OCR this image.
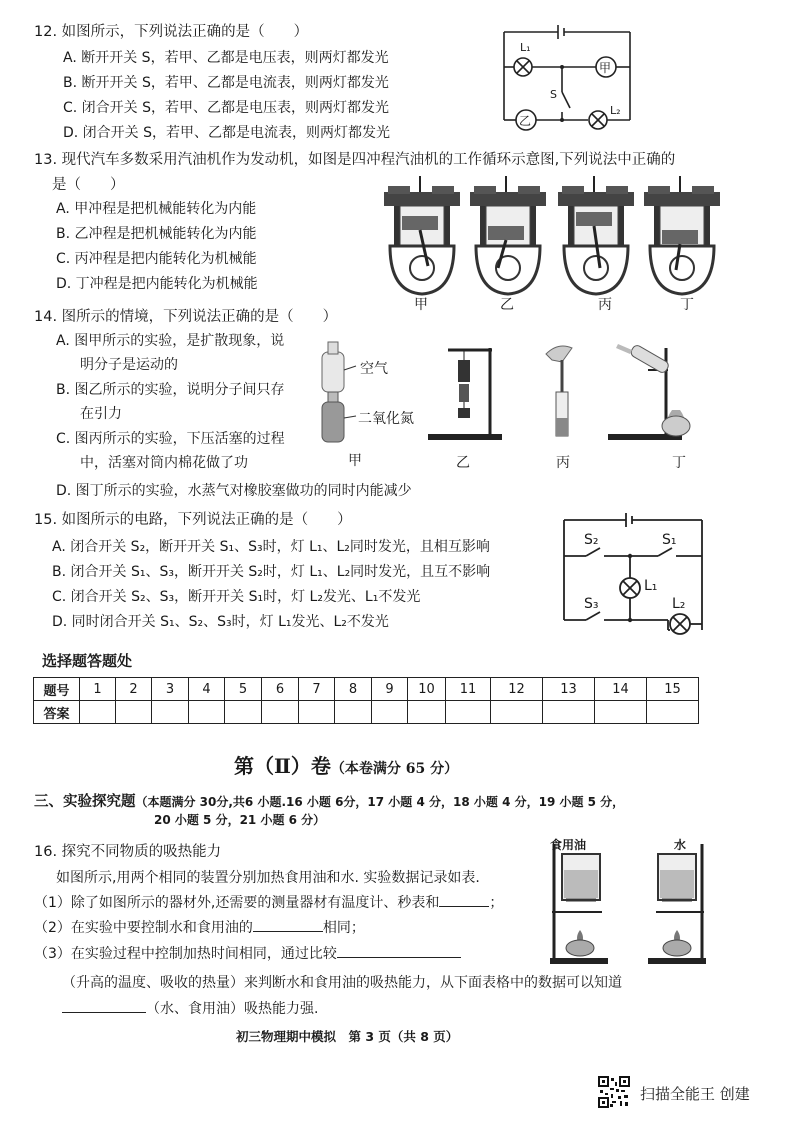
12. 如图所示，下列说法正确的是（　　）
A. 断开开关 S，若甲、乙都是电压表，则两灯都发光
B. 断开开关 S，若甲、乙都是电流表，则两灯都发光
C. 闭合开关 S，若甲、乙都是电压表，则两灯都发光
D. 闭合开关 S，若甲、乙都是电流表，则两灯都发光
L₁
甲
S
乙
L₂
13. 现代汽车多数采用汽油机作为发动机，如图是四冲程汽油机的工作循环示意图,下列说法中正确的
是（　　）
A. 甲冲程是把机械能转化为内能
B. 乙冲程是把机械能转化为内能
C. 丙冲程是把内能转化为机械能
D. 丁冲程是把内能转化为机械能
甲	乙	丙	丁
14. 图所示的情境，下列说法正确的是（　　）
A. 图甲所示的实验，是扩散现象，说
明分子是运动的
B. 图乙所示的实验，说明分子间只存
在引力
C. 图丙所示的实验，下压活塞的过程
中，活塞对筒内棉花做了功
D. 图丁所示的实验，水蒸气对橡胶塞做功的同时内能减少
空气
二氧化氮
甲	乙	丙	丁
15. 如图所示的电路，下列说法正确的是（　　）
A. 闭合开关 S₂，断开开关 S₁、S₃时，灯 L₁、L₂同时发光，且相互影响
B. 闭合开关 S₁、S₃，断开开关 S₂时，灯 L₁、L₂同时发光，且互不影响
C. 闭合开关 S₂、S₃，断开开关 S₁时，灯 L₂发光、L₁不发光
D. 同时闭合开关 S₁、S₂、S₃时，灯 L₁发光、L₂不发光
S₂	S₁
L₁
S₃	L₂
选择题答题处
题号	1	2	3	4	5	6	7	8	9	10	11	12	13	14	15
答案															
第（Ⅱ）卷（本卷满分 65 分）
三、实验探究题（本题满分 30分,共6 小题.16 小题 6分，17 小题 4 分，18 小题 4 分，19 小题 5 分，
20 小题 5 分，21 小题 6 分）
16. 探究不同物质的吸热能力
如图所示,用两个相同的装置分别加热食用油和水. 实验数据记录如表.
（1）除了如图所示的器材外,还需要的测量器材有温度计、秒表和	；
（2）在实验中要控制水和食用油的	相同；
（3）在实验过程中控制加热时间相同，通过比较
（升高的温度、吸收的热量）来判断水和食用油的吸热能力，从下面表格中的数据可以知道
（水、食用油）吸热能力强.
食用油	水
初三物理期中模拟　第 3 页（共 8 页）
扫描全能王 创建
